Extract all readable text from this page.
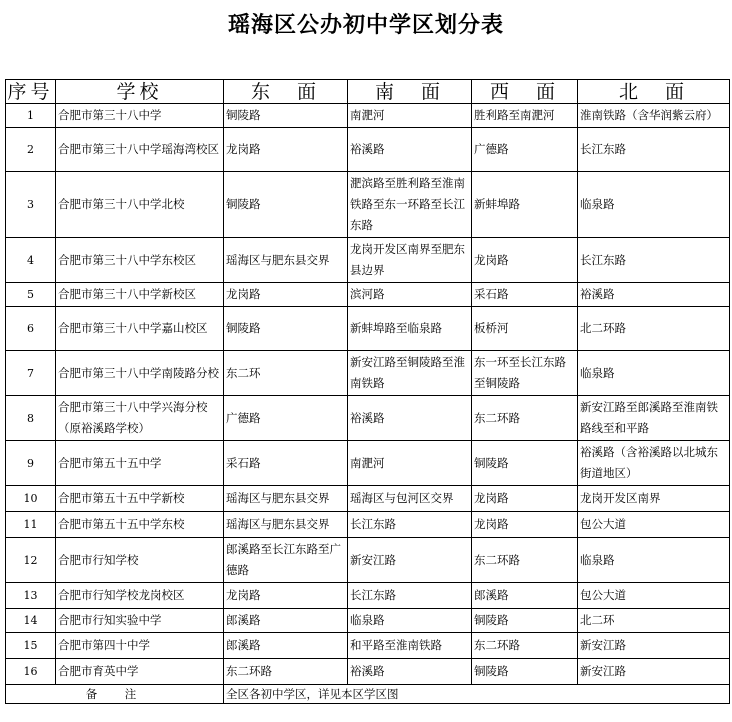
瑶海区公办初中学区划分表
序号	学校	东　面	南　面	西　面	北　面
1	合肥市第三十八中学	铜陵路	南淝河	胜利路至南淝河	淮南铁路（含华润紫云府）
2	合肥市第三十八中学瑶海湾校区	龙岗路	裕溪路	广德路	长江东路
3	合肥市第三十八中学北校	铜陵路	淝滨路至胜利路至淮南铁路至东一环路至长江东路	新蚌埠路	临泉路
4	合肥市第三十八中学东校区	瑶海区与肥东县交界	龙岗开发区南界至肥东县边界	龙岗路	长江东路
5	合肥市第三十八中学新校区	龙岗路	滨河路	采石路	裕溪路
6	合肥市第三十八中学嘉山校区	铜陵路	新蚌埠路至临泉路	板桥河	北二环路
7	合肥市第三十八中学南陵路分校	东二环	新安江路至铜陵路至淮南铁路	东一环至长江东路至铜陵路	临泉路
8	合肥市第三十八中学兴海分校（原裕溪路学校）	广德路	裕溪路	东二环路	新安江路至郎溪路至淮南铁路线至和平路
9	合肥市第五十五中学	采石路	南淝河	铜陵路	裕溪路（含裕溪路以北城东街道地区）
10	合肥市第五十五中学新校	瑶海区与肥东县交界	瑶海区与包河区交界	龙岗路	龙岗开发区南界
11	合肥市第五十五中学东校	瑶海区与肥东县交界	长江东路	龙岗路	包公大道
12	合肥市行知学校	郎溪路至长江东路至广德路	新安江路	东二环路	临泉路
13	合肥市行知学校龙岗校区	龙岗路	长江东路	郎溪路	包公大道
14	合肥市行知实验中学	郎溪路	临泉路	铜陵路	北二环
15	合肥市第四十中学	郎溪路	和平路至淮南铁路	东二环路	新安江路
16	合肥市育英中学	东二环路	裕溪路	铜陵路	新安江路
备　注		全区各初中学区，详见本区学区图			
